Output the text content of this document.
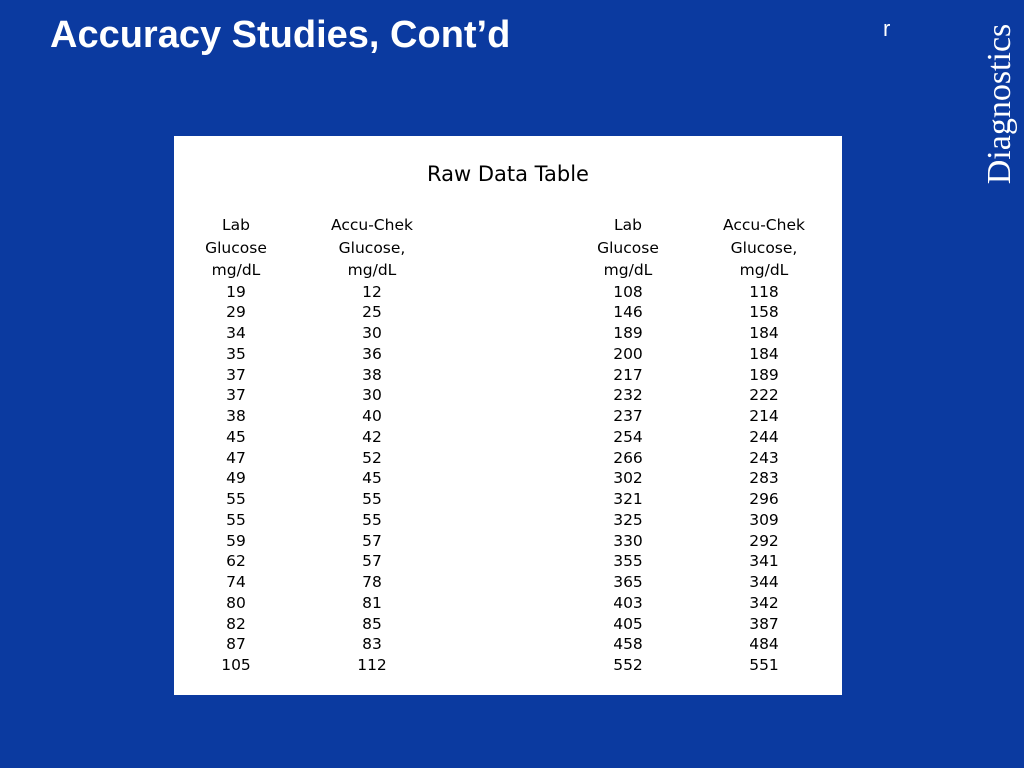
Accuracy Studies, Cont’d	r	Diagnostics
Raw Data Table
Lab
Glucose
mg/dL
19
29
34
35
37
37
38
45
47
49
55
55
59
62
74
80
82
87
105
Accu-Chek
Glucose,
mg/dL
12
25
30
36
38
30
40
42
52
45
55
55
57
57
78
81
85
83
112
Lab
Glucose
mg/dL
108
146
189
200
217
232
237
254
266
302
321
325
330
355
365
403
405
458
552
Accu-Chek
Glucose,
mg/dL
118
158
184
184
189
222
214
244
243
283
296
309
292
341
344
342
387
484
551
